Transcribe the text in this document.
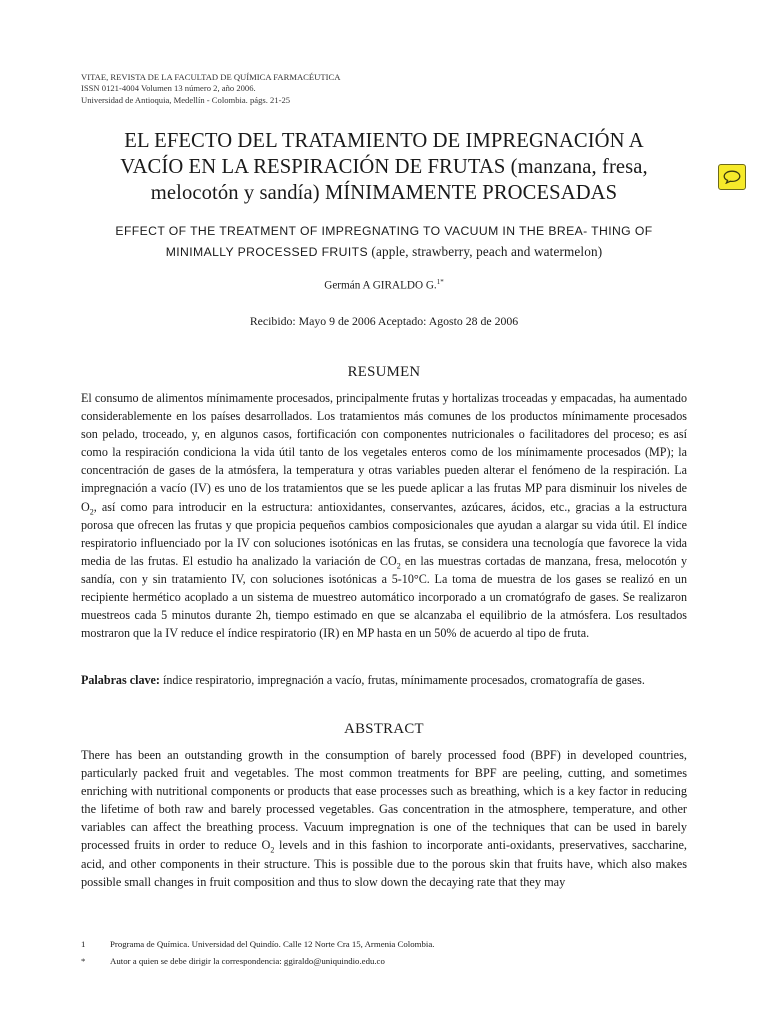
VITAE, REVISTA DE LA FACULTAD DE QUÍMICA FARMACÉUTICA
ISSN 0121-4004 Volumen 13 número 2, año 2006.
Universidad de Antioquia, Medellín - Colombia. págs. 21-25
EL EFECTO DEL TRATAMIENTO DE IMPREGNACIÓN A
VACÍO EN LA RESPIRACIÓN DE FRUTAS (manzana, fresa,
melocotón y sandía) MÍNIMAMENTE PROCESADAS
EFFECT OF THE TREATMENT OF IMPREGNATING TO VACUUM IN THE BREA- THING OF MINIMALLY PROCESSED FRUITS (apple, strawberry, peach and watermelon)
Germán A GIRALDO G.$^{1*}$
Recibido: Mayo 9 de 2006 Aceptado: Agosto 28 de 2006
RESUMEN
El consumo de alimentos mínimamente procesados, principalmente frutas y hortalizas troceadas y empacadas, ha aumentado considerablemente en los países desarrollados. Los tratamientos más comunes de los productos mínimamente procesados son pelado, troceado, y, en algunos casos, fortificación con componentes nutricionales o facilitadores del proceso; es así como la respiración condiciona la vida útil tanto de los vegetales enteros como de los mínimamente procesados (MP); la concentración de gases de la atmósfera, la temperatura y otras variables pueden alterar el fenómeno de la respiración. La impregnación a vacío (IV) es uno de los tratamientos que se les puede aplicar a las frutas MP para disminuir los niveles de $O_2$, así como para introducir en la estructura: antioxidantes, conservantes, azúcares, ácidos, etc., gracias a la estructura porosa que ofrecen las frutas y que propicia pequeños cambios composicionales que ayudan a alargar su vida útil. El índice respiratorio influenciado por la IV con soluciones isotónicas en las frutas, se considera una tecnología que favorece la vida media de las frutas. El estudio ha analizado la variación de $CO_2$ en las muestras cortadas de manzana, fresa, melocotón y sandía, con y sin tratamiento IV, con soluciones isotónicas a 5-10°C. La toma de muestra de los gases se realizó en un recipiente hermético acoplado a un sistema de muestreo automático incorporado a un cromatógrafo de gases. Se realizaron muestreos cada 5 minutos durante 2h, tiempo estimado en que se alcanzaba el equilibrio de la atmósfera. Los resultados mostraron que la IV reduce el índice respiratorio (IR) en MP hasta en un 50% de acuerdo al tipo de fruta.
Palabras clave: índice respiratorio, impregnación a vacío, frutas, mínimamente procesados, cromatografía de gases.
ABSTRACT
There has been an outstanding growth in the consumption of barely processed food (BPF) in developed countries, particularly packed fruit and vegetables. The most common treatments for BPF are peeling, cutting, and sometimes enriching with nutritional components or products that ease processes such as breathing, which is a key factor in reducing the lifetime of both raw and barely processed vegetables. Gas concentration in the atmosphere, temperature, and other variables can affect the breathing process. Vacuum impregnation is one of the techniques that can be used in barely processed fruits in order to reduce $O_2$ levels and in this fashion to incorporate anti-oxidants, preservatives, saccharine, acid, and other components in their structure. This is possible due to the porous skin that fruits have, which also makes possible small changes in fruit composition and thus to slow down the decaying rate that they may
1	Programa de Química. Universidad del Quindío. Calle 12 Norte Cra 15, Armenia Colombia.
*	Autor a quien se debe dirigir la correspondencia: ggiraldo@uniquindio.edu.co
